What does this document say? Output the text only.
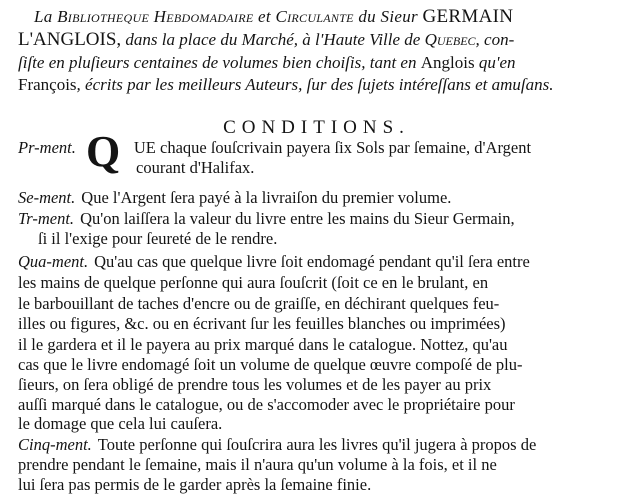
La Bibliotheque Hebdomadaire et Circulante du Sieur GERMAIN
L'ANGLOIS, dans la place du Marché, à l'Haute Ville de Quebec, con-
ſiſte en pluſieurs centaines de volumes bien choiſis, tant en Anglois qu'en
François, écrits par les meilleurs Auteurs, ſur des ſujets intéreſſans et amuſans.
CONDITIONS.
Q
Pr-ment.	UE chaque ſouſcrivain payera ſix Sols par ſemaine, d'Argent
courant d'Halifax.
Se-ment. Que l'Argent ſera payé à la livraiſon du premier volume.
Tr-ment. Qu'on laiſſera la valeur du livre entre les mains du Sieur Germain,
ſi il l'exige pour ſeureté de le rendre.
Qua-ment. Qu'au cas que quelque livre ſoit endomagé pendant qu'il ſera entre
les mains de quelque perſonne qui aura ſouſcrit (ſoit ce en le brulant, en
le barbouillant de taches d'encre ou de graiſſe, en déchirant quelques feu-
illes ou figures, &c. ou en écrivant ſur les feuilles blanches ou imprimées)
il le gardera et il le payera au prix marqué dans le catalogue. Nottez, qu'au
cas que le livre endomagé ſoit un volume de quelque œuvre compoſé de plu-
ſieurs, on ſera obligé de prendre tous les volumes et de les payer au prix
auſſi marqué dans le catalogue, ou de s'accomoder avec le propriétaire pour
le domage que cela lui cauſera.
Cinq-ment. Toute perſonne qui ſouſcrira aura les livres qu'il jugera à propos de
prendre pendant le ſemaine, mais il n'aura qu'un volume à la fois, et il ne
lui ſera pas permis de le garder après la ſemaine finie.
